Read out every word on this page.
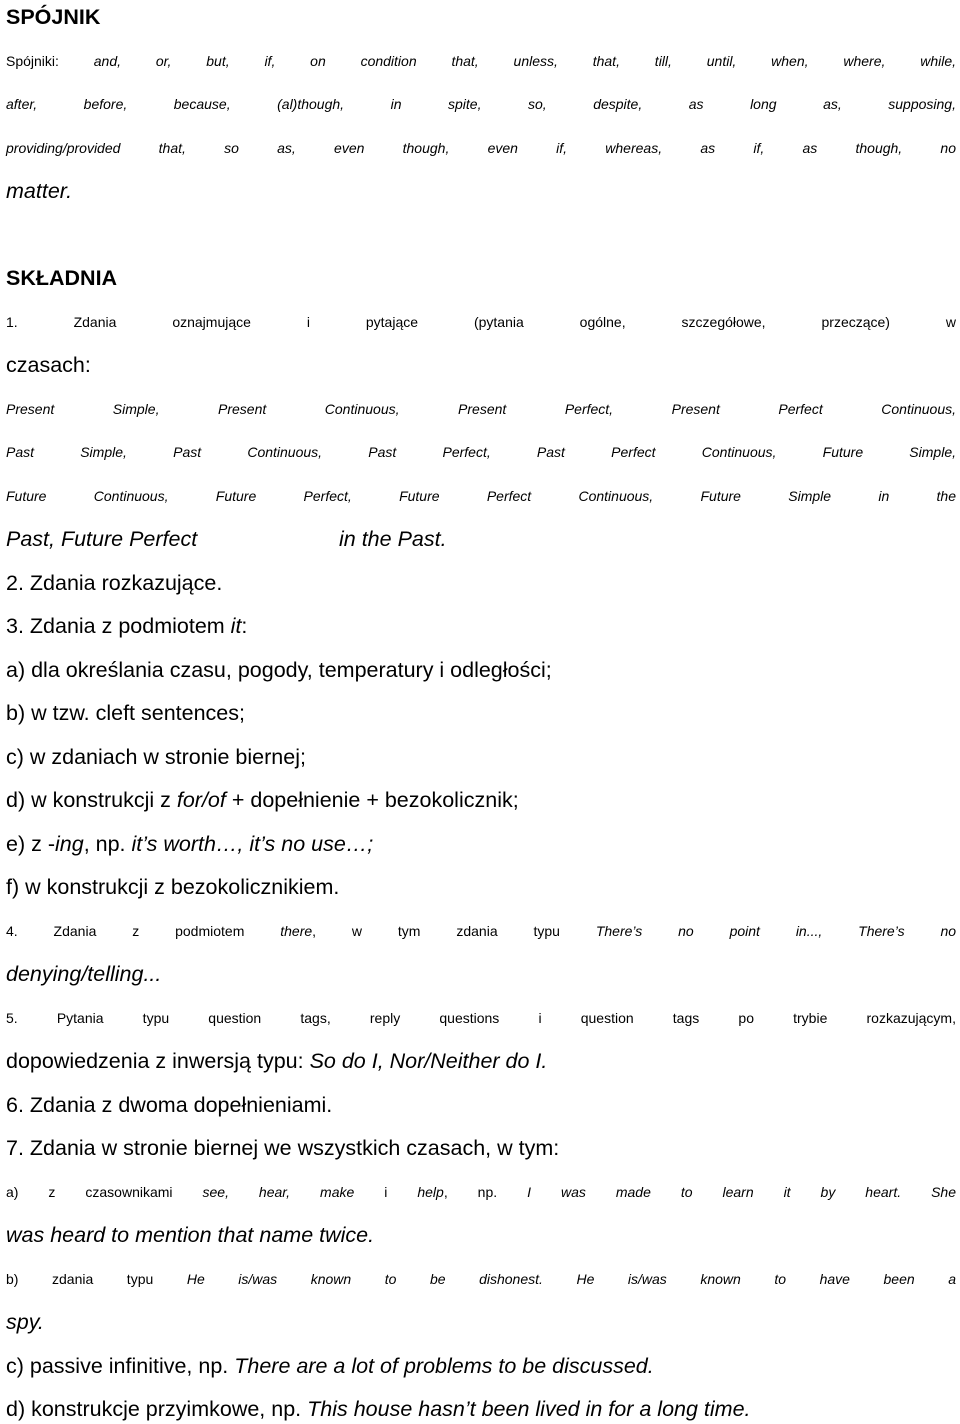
SPÓJNIK

Spójniki: and, or, but, if, on condition that, unless, that, till, until, when, where, while,

after, before, because, (al)though, in spite, so, despite, as long as, supposing,

providing/provided that, so as, even though, even if, whereas, as if, as though, no

matter.

SKŁADNIA

1. Zdania oznajmujące i pytające (pytania ogólne, szczegółowe, przeczące) w

czasach:

Present Simple, Present Continuous, Present Perfect, Present Perfect Continuous,

Past Simple, Past Continuous, Past Perfect, Past Perfect Continuous, Future Simple,

Future Continuous, Future Perfect, Future Perfect Continuous, Future Simple in the

Past, Future Perfect	in the Past.

2. Zdania rozkazujące.

3. Zdania z podmiotem it:

a) dla określania czasu, pogody, temperatury i odległości;

b) w tzw. cleft sentences;

c) w zdaniach w stronie biernej;

d) w konstrukcji z for/of + dopełnienie + bezokolicznik;

e) z -ing, np. it’s worth…, it’s no use…;

f) w konstrukcji z bezokolicznikiem.

4. Zdania z podmiotem there, w tym zdania typu There’s no point in..., There’s no

denying/telling...

5. Pytania typu question tags, reply questions i question tags po trybie rozkazującym,

dopowiedzenia z inwersją typu: So do I, Nor/Neither do I.

6. Zdania z dwoma dopełnieniami.

7. Zdania w stronie biernej we wszystkich czasach, w tym:

a) z czasownikami see, hear, make i help, np. I was made to learn it by heart. She

was heard to mention that name twice.

b) zdania typu He is/was known to be dishonest. He is/was known to have been a

spy.

c) passive infinitive, np. There are a lot of problems to be discussed.

d) konstrukcje przyimkowe, np. This house hasn’t been lived in for a long time.
